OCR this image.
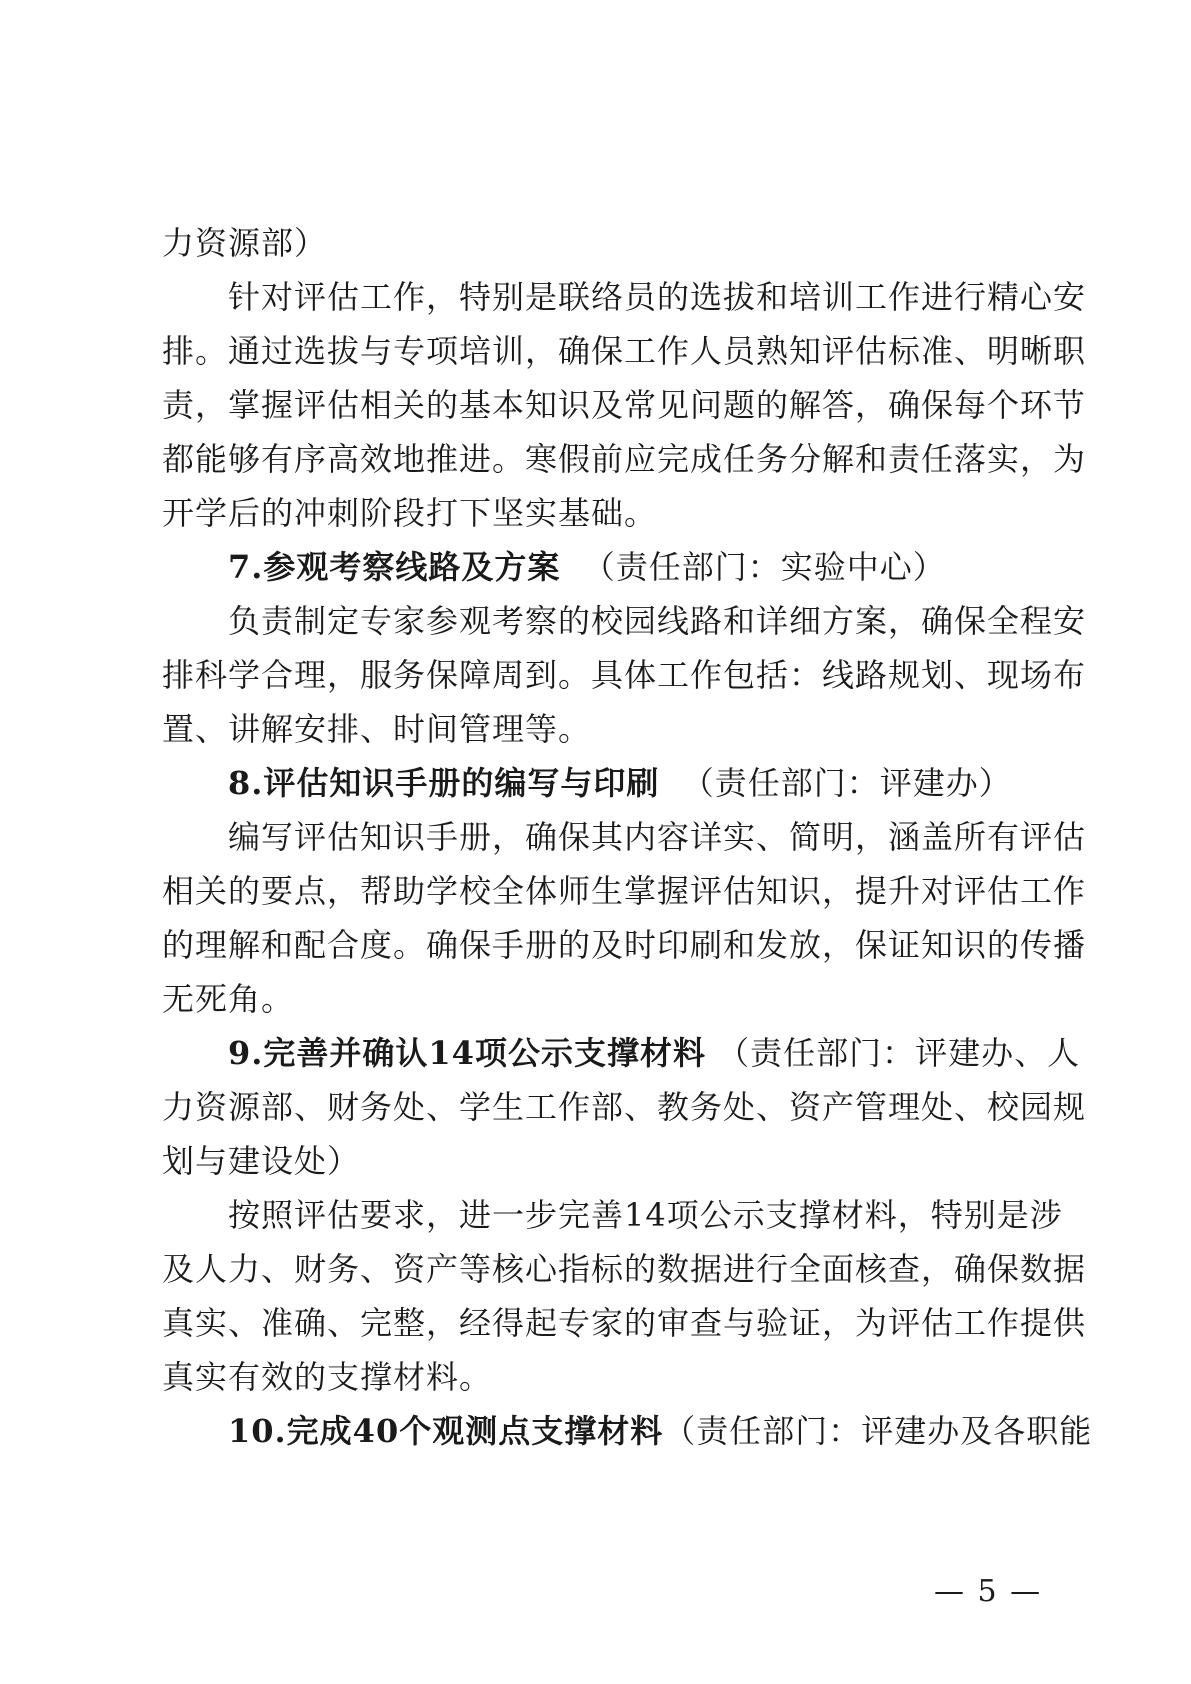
力资源部）
针对评估工作，特别是联络员的选拔和培训工作进行精心安
排。通过选拔与专项培训，确保工作人员熟知评估标准、明晰职
责，掌握评估相关的基本知识及常见问题的解答，确保每个环节
都能够有序高效地推进。寒假前应完成任务分解和责任落实，为
开学后的冲刺阶段打下坚实基础。
7.参观考察线路及方案 （责任部门：实验中心）
负责制定专家参观考察的校园线路和详细方案，确保全程安
排科学合理，服务保障周到。具体工作包括：线路规划、现场布
置、讲解安排、时间管理等。
8.评估知识手册的编写与印刷 （责任部门：评建办）
编写评估知识手册，确保其内容详实、简明，涵盖所有评估
相关的要点，帮助学校全体师生掌握评估知识，提升对评估工作
的理解和配合度。确保手册的及时印刷和发放，保证知识的传播
无死角。
9.完善并确认14项公示支撑材料 （责任部门：评建办、人
力资源部、财务处、学生工作部、教务处、资产管理处、校园规
划与建设处）
按照评估要求，进一步完善14项公示支撑材料，特别是涉
及人力、财务、资产等核心指标的数据进行全面核查，确保数据
真实、准确、完整，经得起专家的审查与验证，为评估工作提供
真实有效的支撑材料。
10.完成40个观测点支撑材料（责任部门：评建办及各职能
— 5 —
